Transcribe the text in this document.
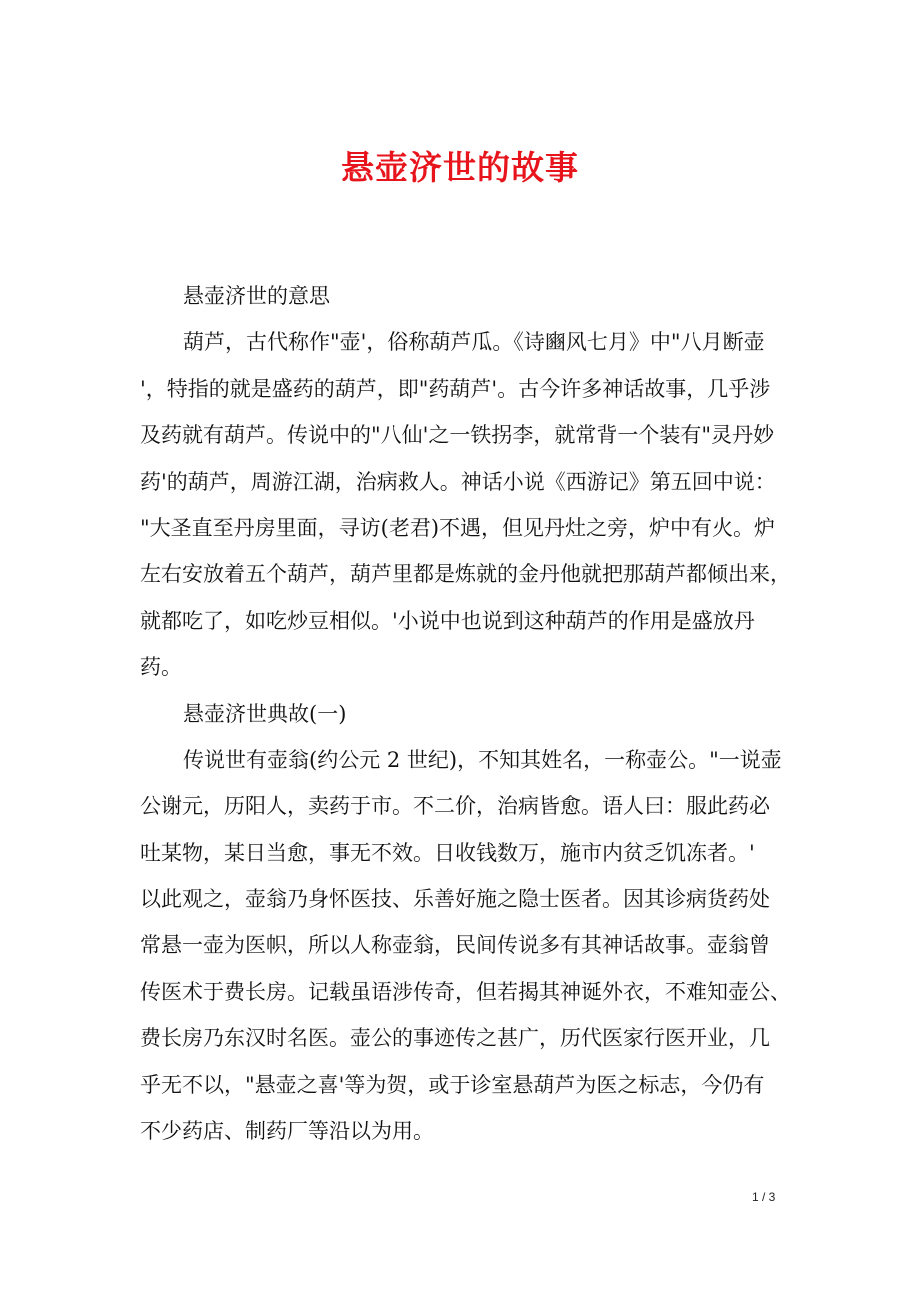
悬壶济世的故事
悬壶济世的意思
葫芦，古代称作"壶'，俗称葫芦瓜。《诗豳风七月》中"八月断壶
'，特指的就是盛药的葫芦，即"药葫芦'。古今许多神话故事，几乎涉
及药就有葫芦。传说中的"八仙'之一铁拐李，就常背一个装有"灵丹妙
药'的葫芦，周游江湖，治病救人。神话小说《西游记》第五回中说：
"大圣直至丹房里面，寻访(老君)不遇，但见丹灶之旁，炉中有火。炉
左右安放着五个葫芦，葫芦里都是炼就的金丹他就把那葫芦都倾出来，
就都吃了，如吃炒豆相似。'小说中也说到这种葫芦的作用是盛放丹
药。
悬壶济世典故(一)
传说世有壶翁(约公元 2 世纪)，不知其姓名，一称壶公。"一说壶
公谢元，历阳人，卖药于市。不二价，治病皆愈。语人曰：服此药必
吐某物，某日当愈，事无不效。日收钱数万，施市内贫乏饥冻者。'
以此观之，壶翁乃身怀医技、乐善好施之隐士医者。因其诊病货药处
常悬一壶为医帜，所以人称壶翁，民间传说多有其神话故事。壶翁曾
传医术于费长房。记载虽语涉传奇，但若揭其神诞外衣，不难知壶公、
费长房乃东汉时名医。壶公的事迹传之甚广，历代医家行医开业，几
乎无不以，"悬壶之喜'等为贺，或于诊室悬葫芦为医之标志，今仍有
不少药店、制药厂等沿以为用。
1 / 3
